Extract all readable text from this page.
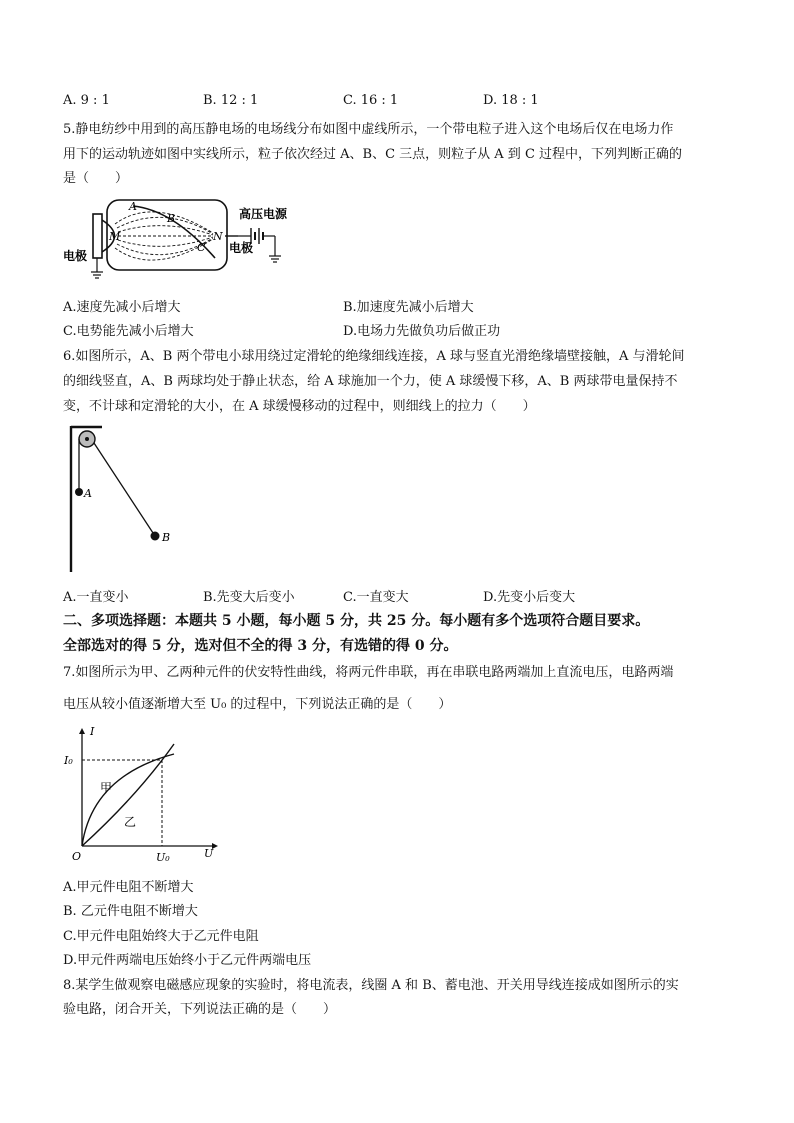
A. 9 : 1	B. 12 : 1	C. 16 : 1	D. 18 : 1
5.静电纺纱中用到的高压静电场的电场线分布如图中虚线所示，一个带电粒子进入这个电场后仅在电场力作
用下的运动轨迹如图中实线所示，粒子依次经过 A、B、C 三点，则粒子从 A 到 C 过程中，下列判断正确的
是（　　）
A
B
C
M	N
电极
电极
高压电源
A.速度先减小后增大	B.加速度先减小后增大
C.电势能先减小后增大	D.电场力先做负功后做正功
6.如图所示，A、B 两个带电小球用绕过定滑轮的绝缘细线连接，A 球与竖直光滑绝缘墙壁接触，A 与滑轮间
的细线竖直，A、B 两球均处于静止状态，给 A 球施加一个力，使 A 球缓慢下移，A、B 两球带电量保持不
变，不计球和定滑轮的大小，在 A 球缓慢移动的过程中，则细线上的拉力（　　）
A
B
A.一直变小	B.先变大后变小	C.一直变大	D.先变小后变大
二、多项选择题：本题共 5 小题，每小题 5 分，共 25 分。每小题有多个选项符合题目要求。
全部选对的得 5 分，选对但不全的得 3 分，有选错的得 0 分。
7.如图所示为甲、乙两种元件的伏安特性曲线，将两元件串联，再在串联电路两端加上直流电压，电路两端
电压从较小值逐渐增大至 U₀ 的过程中，下列说法正确的是（　　）
I
I₀
U
U₀
O
甲
乙
A.甲元件电阻不断增大
B. 乙元件电阻不断增大
C.甲元件电阻始终大于乙元件电阻
D.甲元件两端电压始终小于乙元件两端电压
8.某学生做观察电磁感应现象的实验时，将电流表，线圈 A 和 B、蓄电池、开关用导线连接成如图所示的实
验电路，闭合开关，下列说法正确的是（　　）
